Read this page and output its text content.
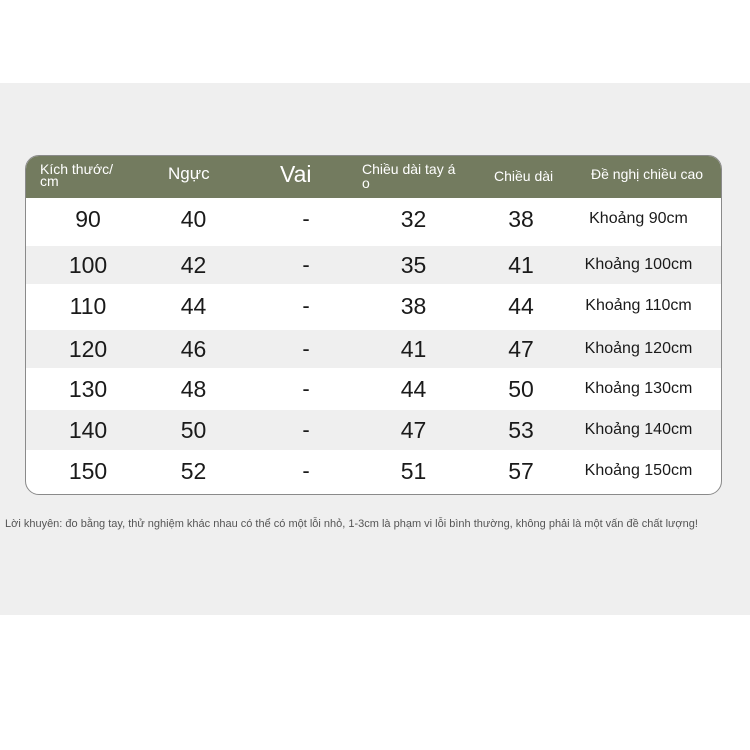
Kích thước/ cm	Ngực	Vai	Chiều dài tay á o	Chiều dài	Đề nghị chiều cao
90	40	-	32	38	Khoảng 90cm
100	42	-	35	41	Khoảng 100cm
110	44	-	38	44	Khoảng 110cm
120	46	-	41	47	Khoảng 120cm
130	48	-	44	50	Khoảng 130cm
140	50	-	47	53	Khoảng 140cm
150	52	-	51	57	Khoảng 150cm
Lời khuyên: đo bằng tay, thử nghiệm khác nhau có thể có một lỗi nhỏ, 1-3cm là phạm vi lỗi bình thường, không phải là một vấn đề chất lượng!
